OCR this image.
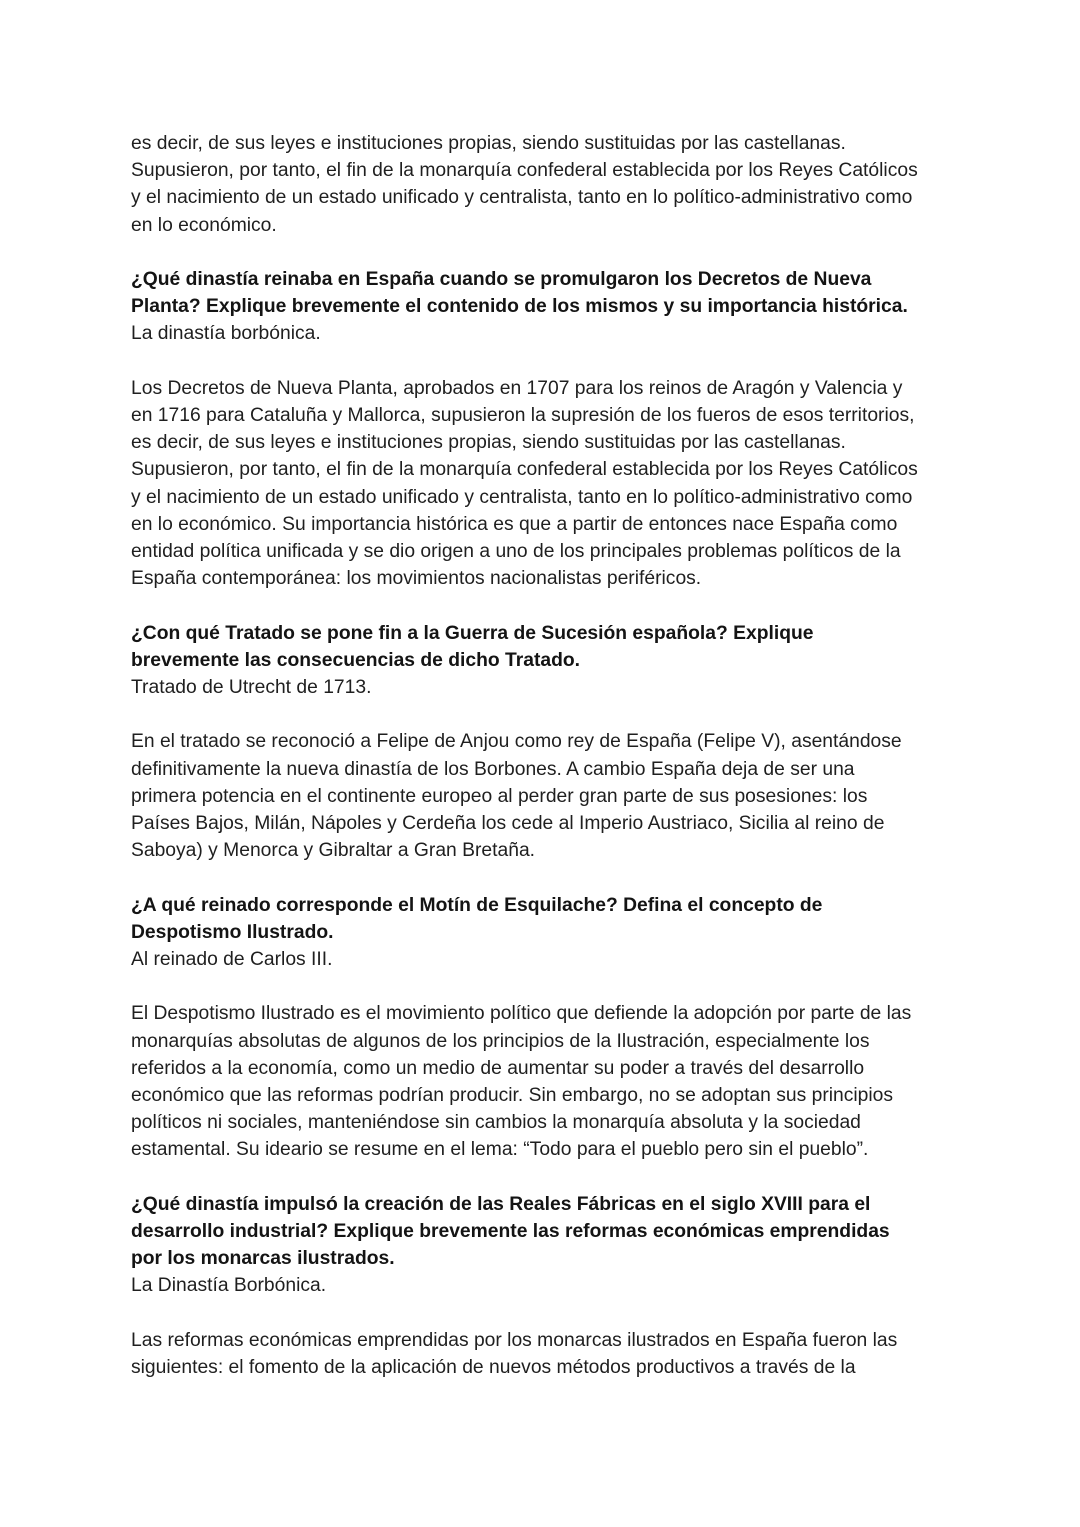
es decir, de sus leyes e instituciones propias, siendo sustituidas por las castellanas.

Supusieron, por tanto, el fin de la monarquía confederal establecida por los Reyes Católicos

y el nacimiento de un estado unificado y centralista, tanto en lo político-administrativo como

en lo económico.

¿Qué dinastía reinaba en España cuando se promulgaron los Decretos de Nueva

Planta? Explique brevemente el contenido de los mismos y su importancia histórica.

La dinastía borbónica.

Los Decretos de Nueva Planta, aprobados en 1707 para los reinos de Aragón y Valencia y

en 1716 para Cataluña y Mallorca, supusieron la supresión de los fueros de esos territorios,

es decir, de sus leyes e instituciones propias, siendo sustituidas por las castellanas.

Supusieron, por tanto, el fin de la monarquía confederal establecida por los Reyes Católicos

y el nacimiento de un estado unificado y centralista, tanto en lo político-administrativo como

en lo económico. Su importancia histórica es que a partir de entonces nace España como

entidad política unificada y se dio origen a uno de los principales problemas políticos de la

España contemporánea: los movimientos nacionalistas periféricos.

¿Con qué Tratado se pone fin a la Guerra de Sucesión española? Explique

brevemente las consecuencias de dicho Tratado.

Tratado de Utrecht de 1713.

En el tratado se reconoció a Felipe de Anjou como rey de España (Felipe V), asentándose

definitivamente la nueva dinastía de los Borbones. A cambio España deja de ser una

primera potencia en el continente europeo al perder gran parte de sus posesiones: los

Países Bajos, Milán, Nápoles y Cerdeña los cede al Imperio Austriaco, Sicilia al reino de

Saboya) y Menorca y Gibraltar a Gran Bretaña.

¿A qué reinado corresponde el Motín de Esquilache? Defina el concepto de

Despotismo Ilustrado.

Al reinado de Carlos III.

El Despotismo Ilustrado es el movimiento político que defiende la adopción por parte de las

monarquías absolutas de algunos de los principios de la Ilustración, especialmente los

referidos a la economía, como un medio de aumentar su poder a través del desarrollo

económico que las reformas podrían producir. Sin embargo, no se adoptan sus principios

políticos ni sociales, manteniéndose sin cambios la monarquía absoluta y la sociedad

estamental. Su ideario se resume en el lema: “Todo para el pueblo pero sin el pueblo”.

¿Qué dinastía impulsó la creación de las Reales Fábricas en el siglo XVIII para el

desarrollo industrial? Explique brevemente las reformas económicas emprendidas

por los monarcas ilustrados.

La Dinastía Borbónica.

Las reformas económicas emprendidas por los monarcas ilustrados en España fueron las

siguientes: el fomento de la aplicación de nuevos métodos productivos a través de la
